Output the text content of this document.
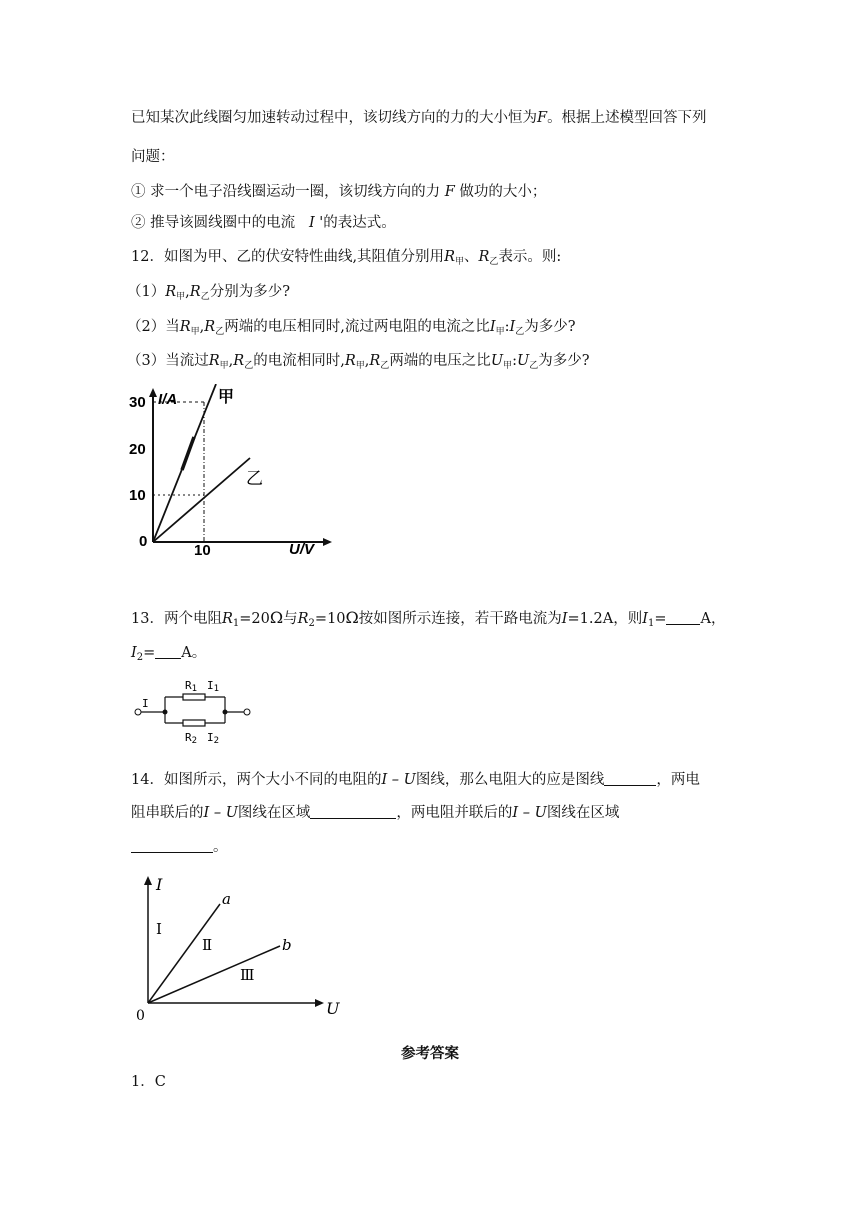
已知某次此线圈匀加速转动过程中，该切线方向的力的大小恒为F。根据上述模型回答下列
问题：
① 求一个电子沿线圈运动一圈，该切线方向的力 F 做功的大小；
② 推导该圆线圈中的电流 I '的表达式。
12．如图为甲、乙的伏安特性曲线,其阻值分别用$R_甲$、$R_乙$表示。则:
$(1)R_甲,R_乙$分别为多少?
（2）当$R_甲,R_乙$两端的电压相同时,流过两电阻的电流之比$I_甲:I_乙$为多少?
（3）当流过$R_甲,R_乙$的电流相同时$,R_甲,R_乙$两端的电压之比$U_甲:U_乙$为多少?
I/A
U/V
30
20
10
0
10
甲
乙
13．两个电阻$R_1=20\Omega$与$R_2=10\Omega$按如图所示连接，若干路电流为I=1.2A，则$I_1= A$，
$I_2= A$。
I
R1 I1
R2 I2
14．如图所示，两个大小不同的电阻的I – U图线，那么电阻大的应是图线	，两电
阻串联后的I – U图线在区域	，两电阻并联后的I – U图线在区域
。
I
U
0
a
b
Ⅰ
Ⅱ
Ⅲ
参考答案
1．C
